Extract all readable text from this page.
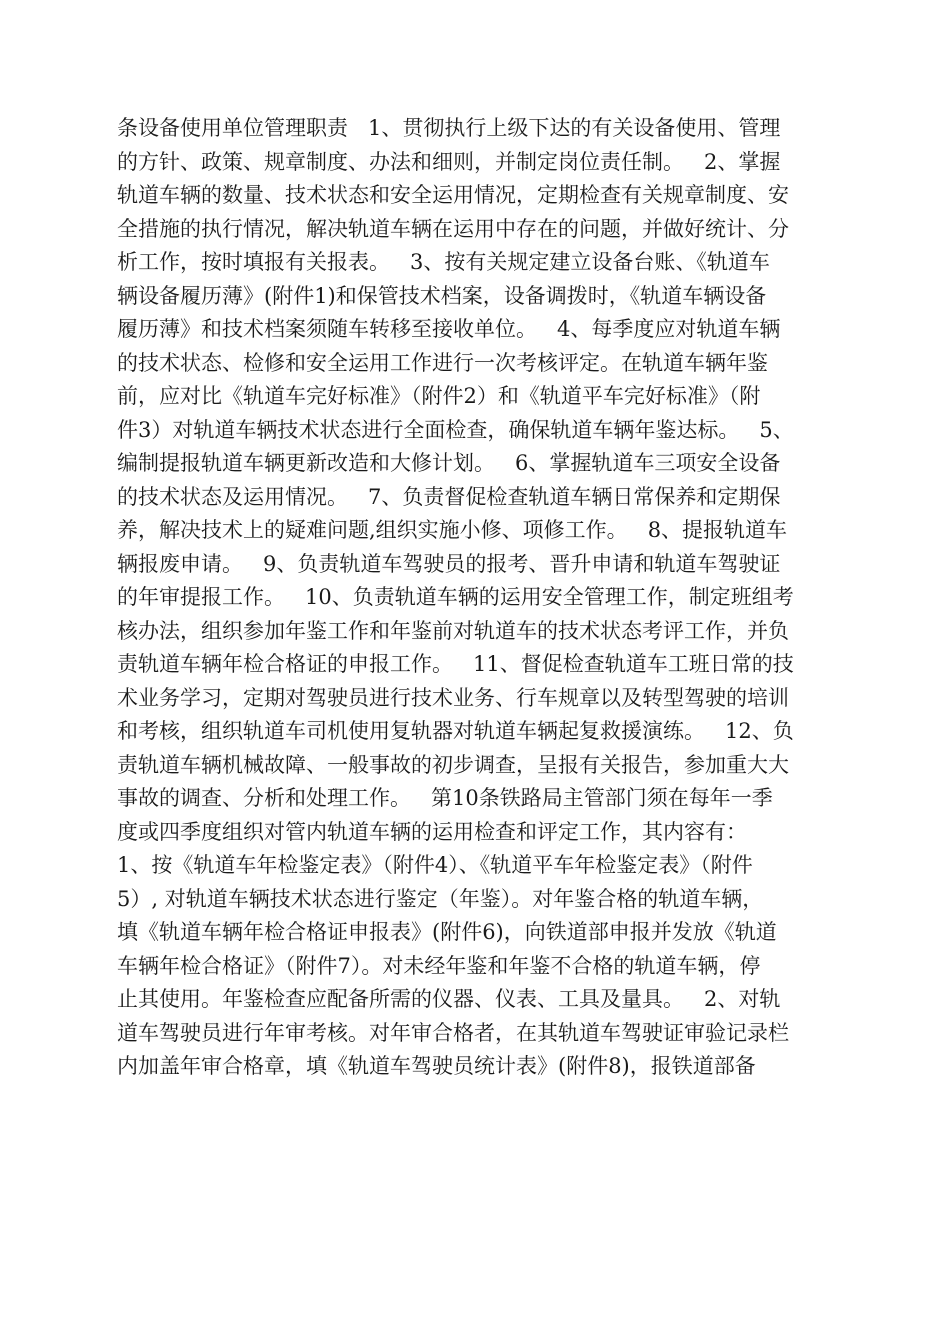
条设备使用单位管理职责   1、贯彻执行上级下达的有关设备使用、管理
的方针、政策、规章制度、办法和细则，并制定岗位责任制。   2、掌握
轨道车辆的数量、技术状态和安全运用情况，定期检查有关规章制度、安
全措施的执行情况，解决轨道车辆在运用中存在的问题，并做好统计、分
析工作，按时填报有关报表。   3、按有关规定建立设备台账、《轨道车
辆设备履历薄》(附件1)和保管技术档案，设备调拨时，《轨道车辆设备
履历薄》和技术档案须随车转移至接收单位。   4、每季度应对轨道车辆
的技术状态、检修和安全运用工作进行一次考核评定。在轨道车辆年鉴
前，应对比《轨道车完好标准》（附件2）和《轨道平车完好标准》（附
件3）对轨道车辆技术状态进行全面检查，确保轨道车辆年鉴达标。   5、
编制提报轨道车辆更新改造和大修计划。   6、掌握轨道车三项安全设备
的技术状态及运用情况。   7、负责督促检查轨道车辆日常保养和定期保
养，解决技术上的疑难问题,组织实施小修、项修工作。   8、提报轨道车
辆报废申请。   9、负责轨道车驾驶员的报考、晋升申请和轨道车驾驶证
的年审提报工作。   10、负责轨道车辆的运用安全管理工作，制定班组考
核办法，组织参加年鉴工作和年鉴前对轨道车的技术状态考评工作，并负
责轨道车辆年检合格证的申报工作。   11、督促检查轨道车工班日常的技
术业务学习，定期对驾驶员进行技术业务、行车规章以及转型驾驶的培训
和考核，组织轨道车司机使用复轨器对轨道车辆起复救援演练。   12、负
责轨道车辆机械故障、一般事故的初步调查，呈报有关报告，参加重大大
事故的调查、分析和处理工作。   第10条铁路局主管部门须在每年一季
度或四季度组织对管内轨道车辆的运用检查和评定工作，其内容有：
1、按《轨道车年检鉴定表》（附件4）、《轨道平车年检鉴定表》（附件
5）, 对轨道车辆技术状态进行鉴定（年鉴）。对年鉴合格的轨道车辆，
填《轨道车辆年检合格证申报表》(附件6)，向铁道部申报并发放《轨道
车辆年检合格证》（附件7）。对未经年鉴和年鉴不合格的轨道车辆，停
止其使用。年鉴检查应配备所需的仪器、仪表、工具及量具。   2、对轨
道车驾驶员进行年审考核。对年审合格者，在其轨道车驾驶证审验记录栏
内加盖年审合格章，填《轨道车驾驶员统计表》(附件8)，报铁道部备
